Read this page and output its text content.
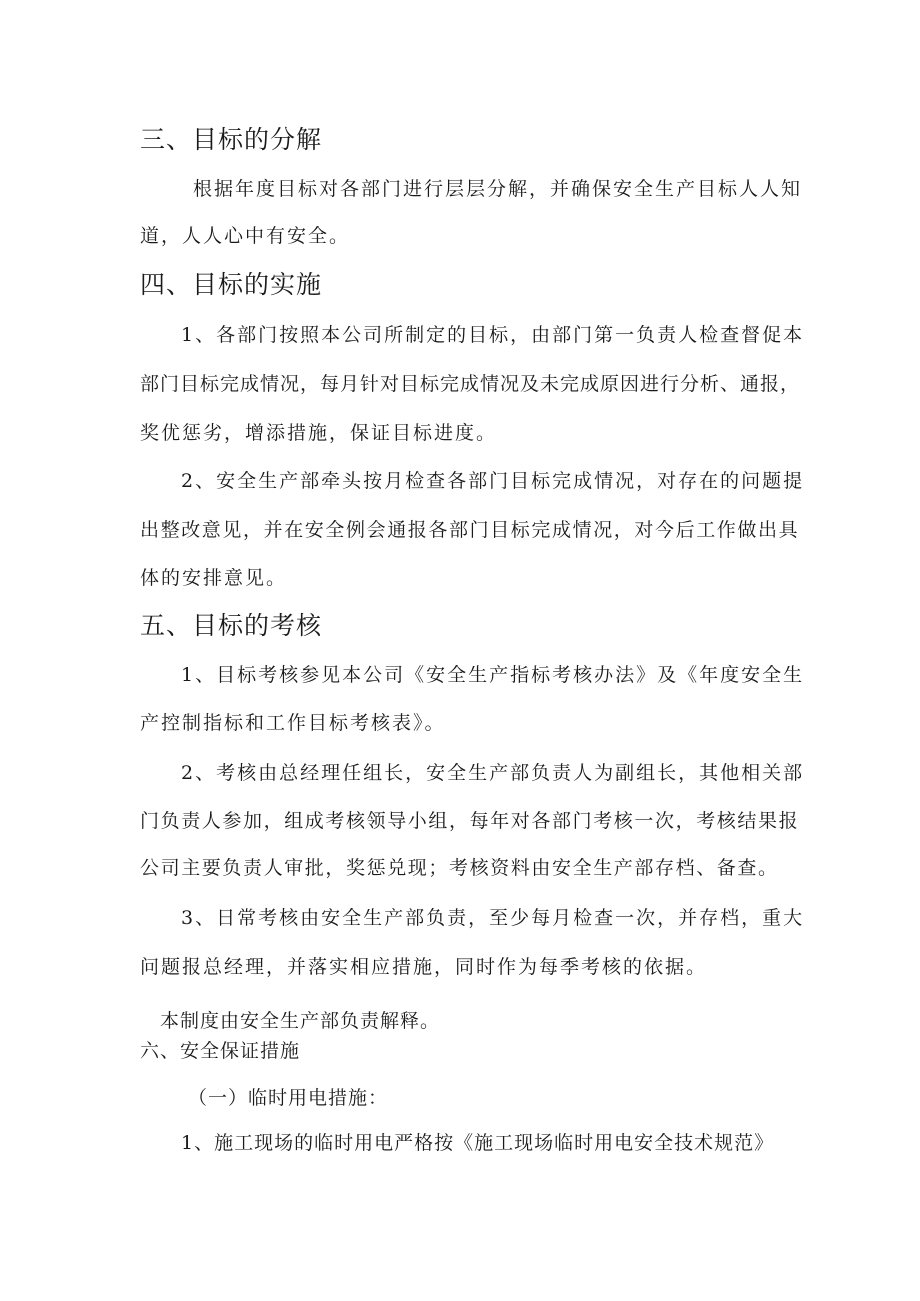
三、目标的分解

根据年度目标对各部门进行层层分解，并确保安全生产目标人人知

道，人人心中有安全。

四、目标的实施

1、各部门按照本公司所制定的目标，由部门第一负责人检查督促本

部门目标完成情况，每月针对目标完成情况及未完成原因进行分析、通报，

奖优惩劣，增添措施，保证目标进度。

2、安全生产部牵头按月检查各部门目标完成情况，对存在的问题提

出整改意见，并在安全例会通报各部门目标完成情况，对今后工作做出具

体的安排意见。

五、目标的考核

1、目标考核参见本公司《安全生产指标考核办法》及《年度安全生

产控制指标和工作目标考核表》。

2、考核由总经理任组长，安全生产部负责人为副组长，其他相关部

门负责人参加，组成考核领导小组，每年对各部门考核一次，考核结果报

公司主要负责人审批，奖惩兑现；考核资料由安全生产部存档、备查。

3、日常考核由安全生产部负责，至少每月检查一次，并存档，重大

问题报总经理，并落实相应措施，同时作为每季考核的依据。

本制度由安全生产部负责解释。

六、安全保证措施

（一）临时用电措施：

1、施工现场的临时用电严格按《施工现场临时用电安全技术规范》
